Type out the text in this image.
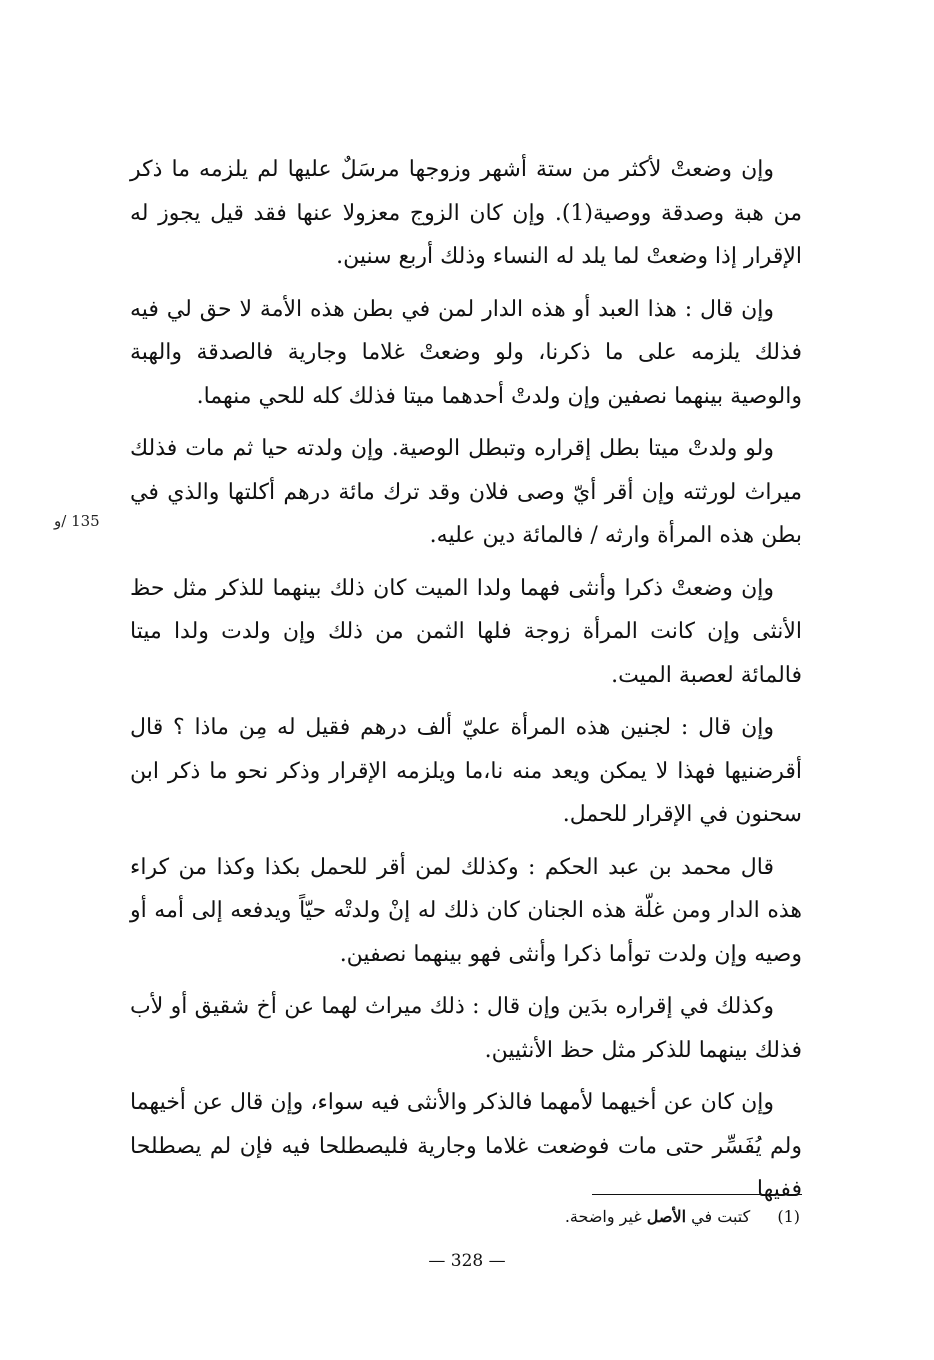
وإن وضعتْ لأكثر من ستة أشهر وزوجها مرسَلٌ عليها لم يلزمه ما ذكر من هبة وصدقة ووصية(1). وإن كان الزوج معزولا عنها فقد قيل يجوز له الإقرار إذا وضعتْ لما يلد له النساء وذلك أربع سنين.

وإن قال : هذا العبد أو هذه الدار لمن في بطن هذه الأمة لا حق لي فيه فذلك يلزمه على ما ذكرنا، ولو وضعتْ غلاما وجارية فالصدقة والهبة والوصية بينهما نصفين وإن ولدتْ أحدهما ميتا فذلك كله للحي منهما.

ولو ولدتْ ميتا بطل إقراره وتبطل الوصية. وإن ولدته حيا ثم مات فذلك ميراث لورثته وإن أقر أيّ وصى فلان وقد ترك مائة درهم أكلتها والذي في بطن هذه المرأة وارثه / فالمائة دين عليه.

وإن وضعتْ ذكرا وأنثى فهما ولدا الميت كان ذلك بينهما للذكر مثل حظ الأنثى وإن كانت المرأة زوجة فلها الثمن من ذلك وإن ولدت ولدا ميتا فالمائة لعصبة الميت.

وإن قال : لجنين هذه المرأة عليّ ألف درهم فقيل له مِن ماذا ؟ قال أقرضنيها فهذا لا يمكن ويعد منه نا،ما ويلزمه الإقرار وذكر نحو ما ذكر ابن سحنون في الإقرار للحمل.

قال محمد بن عبد الحكم : وكذلك لمن أقر للحمل بكذا وكذا من كراء هذه الدار ومن غلّة هذه الجنان كان ذلك له إنْ ولدتْه حيّاً ويدفعه إلى أمه أو وصيه وإن ولدت توأما ذكرا وأنثى فهو بينهما نصفين.

وكذلك في إقراره بدَين وإن قال : ذلك ميراث لهما عن أخ شقيق أو لأب فذلك بينهما للذكر مثل حظ الأنثيين.

وإن كان عن أخيهما لأمهما فالذكر والأنثى فيه سواء، وإن قال عن أخيهما ولم يُفَسِّر حتى مات فوضعت غلاما وجارية فليصطلحا فيه فإن لم يصطلحا ففيها

135 /و
(1) كتبت في الأصل غير واضحة.
— 328 —
